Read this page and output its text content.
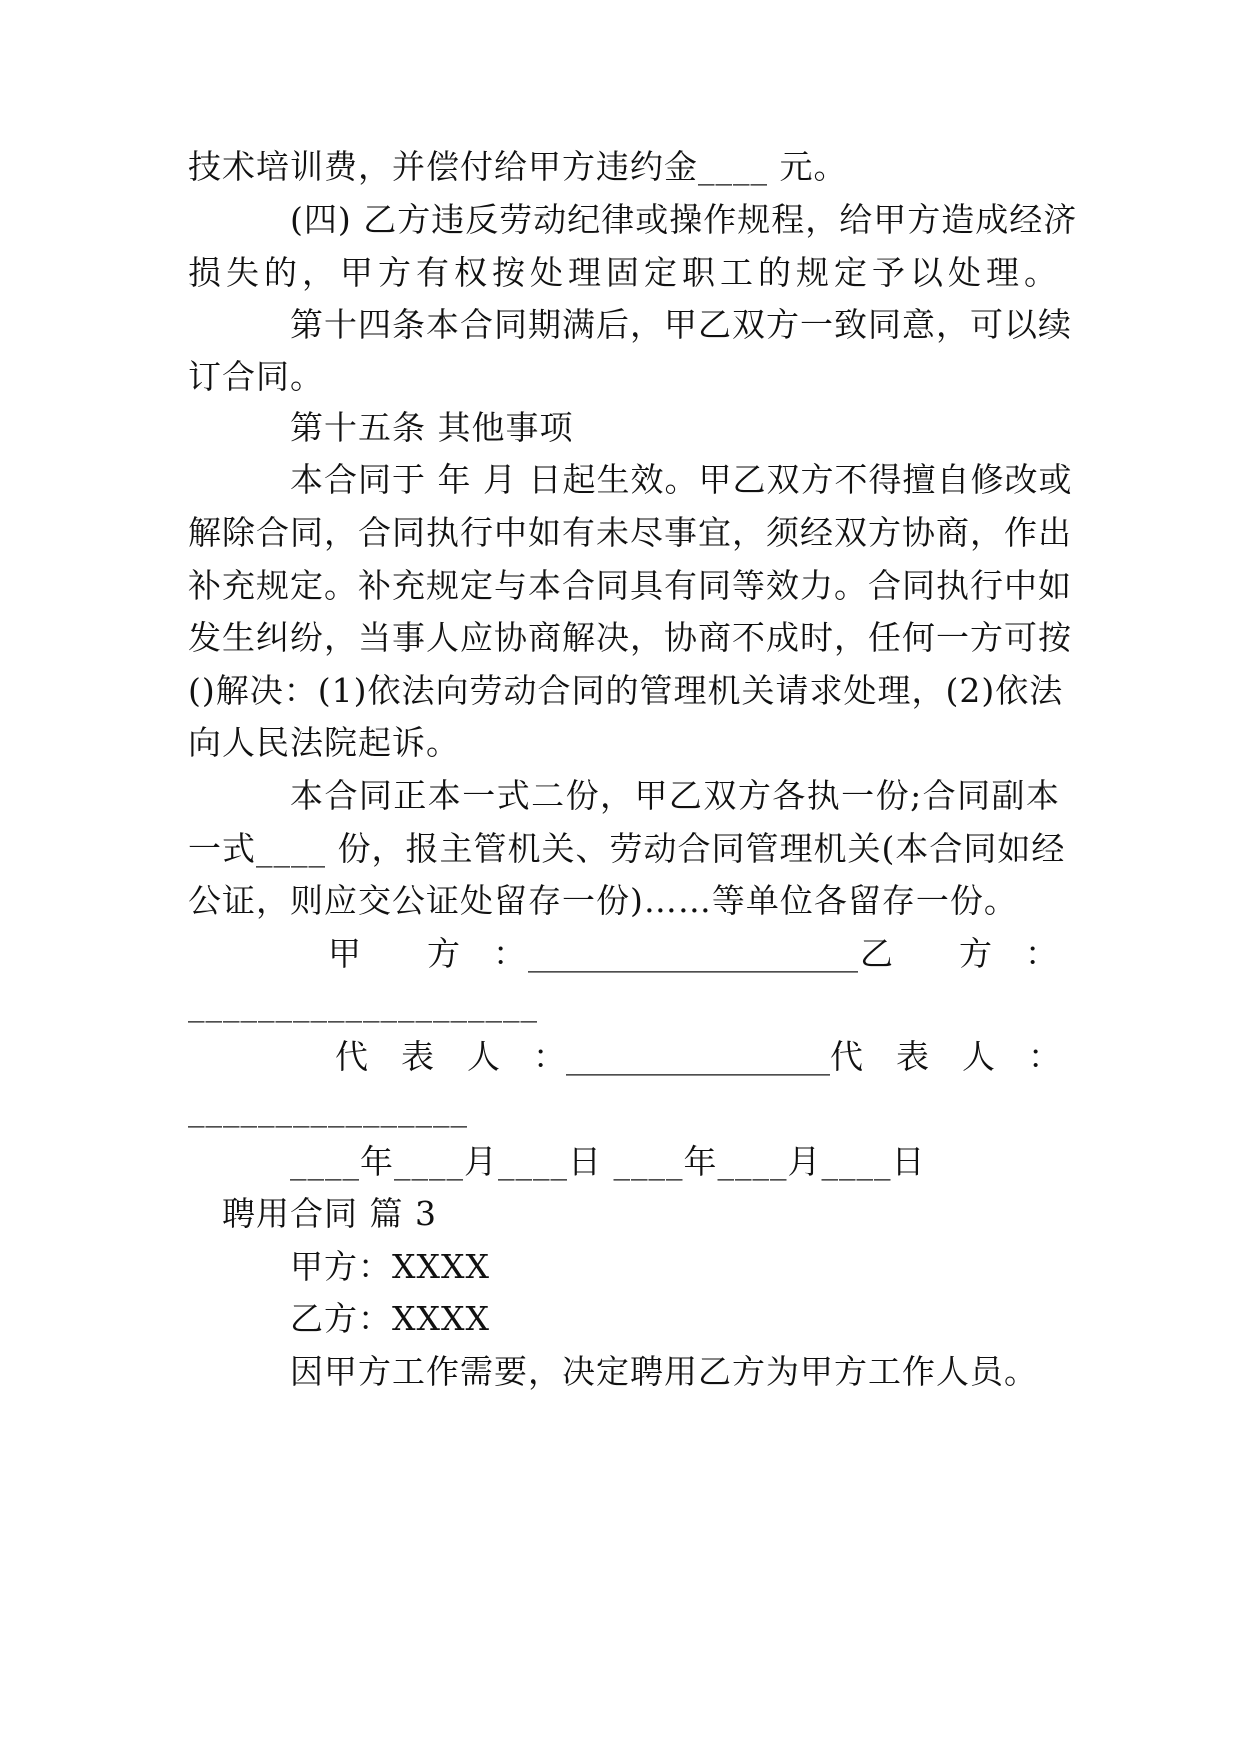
技术培训费，并偿付给甲方违约金____ 元。
(四) 乙方违反劳动纪律或操作规程，给甲方造成经济
损失的，甲方有权按处理固定职工的规定予以处理。
第十四条本合同期满后，甲乙双方一致同意，可以续
订合同。
第十五条 其他事项
本合同于 年 月 日起生效。甲乙双方不得擅自修改或
解除合同，合同执行中如有未尽事宜，须经双方协商，作出
补充规定。补充规定与本合同具有同等效力。合同执行中如
发生纠纷，当事人应协商解决，协商不成时，任何一方可按
()解决：(1)依法向劳动合同的管理机关请求处理，(2)依法
向人民法院起诉。
本合同正本一式二份，甲乙双方各执一份;合同副本
一式____ 份，报主管机关、劳动合同管理机关(本合同如经
公证，则应交公证处留存一份)……等单位各留存一份。
甲　　方　： ____________________ 乙　　方　：
____________________
代　表　人　： ________________ 代　表　人　：
________________
____年____月____日 ____年____月____日
聘用合同 篇 3
甲方：XXXX
乙方：XXXX
因甲方工作需要，决定聘用乙方为甲方工作人员。
